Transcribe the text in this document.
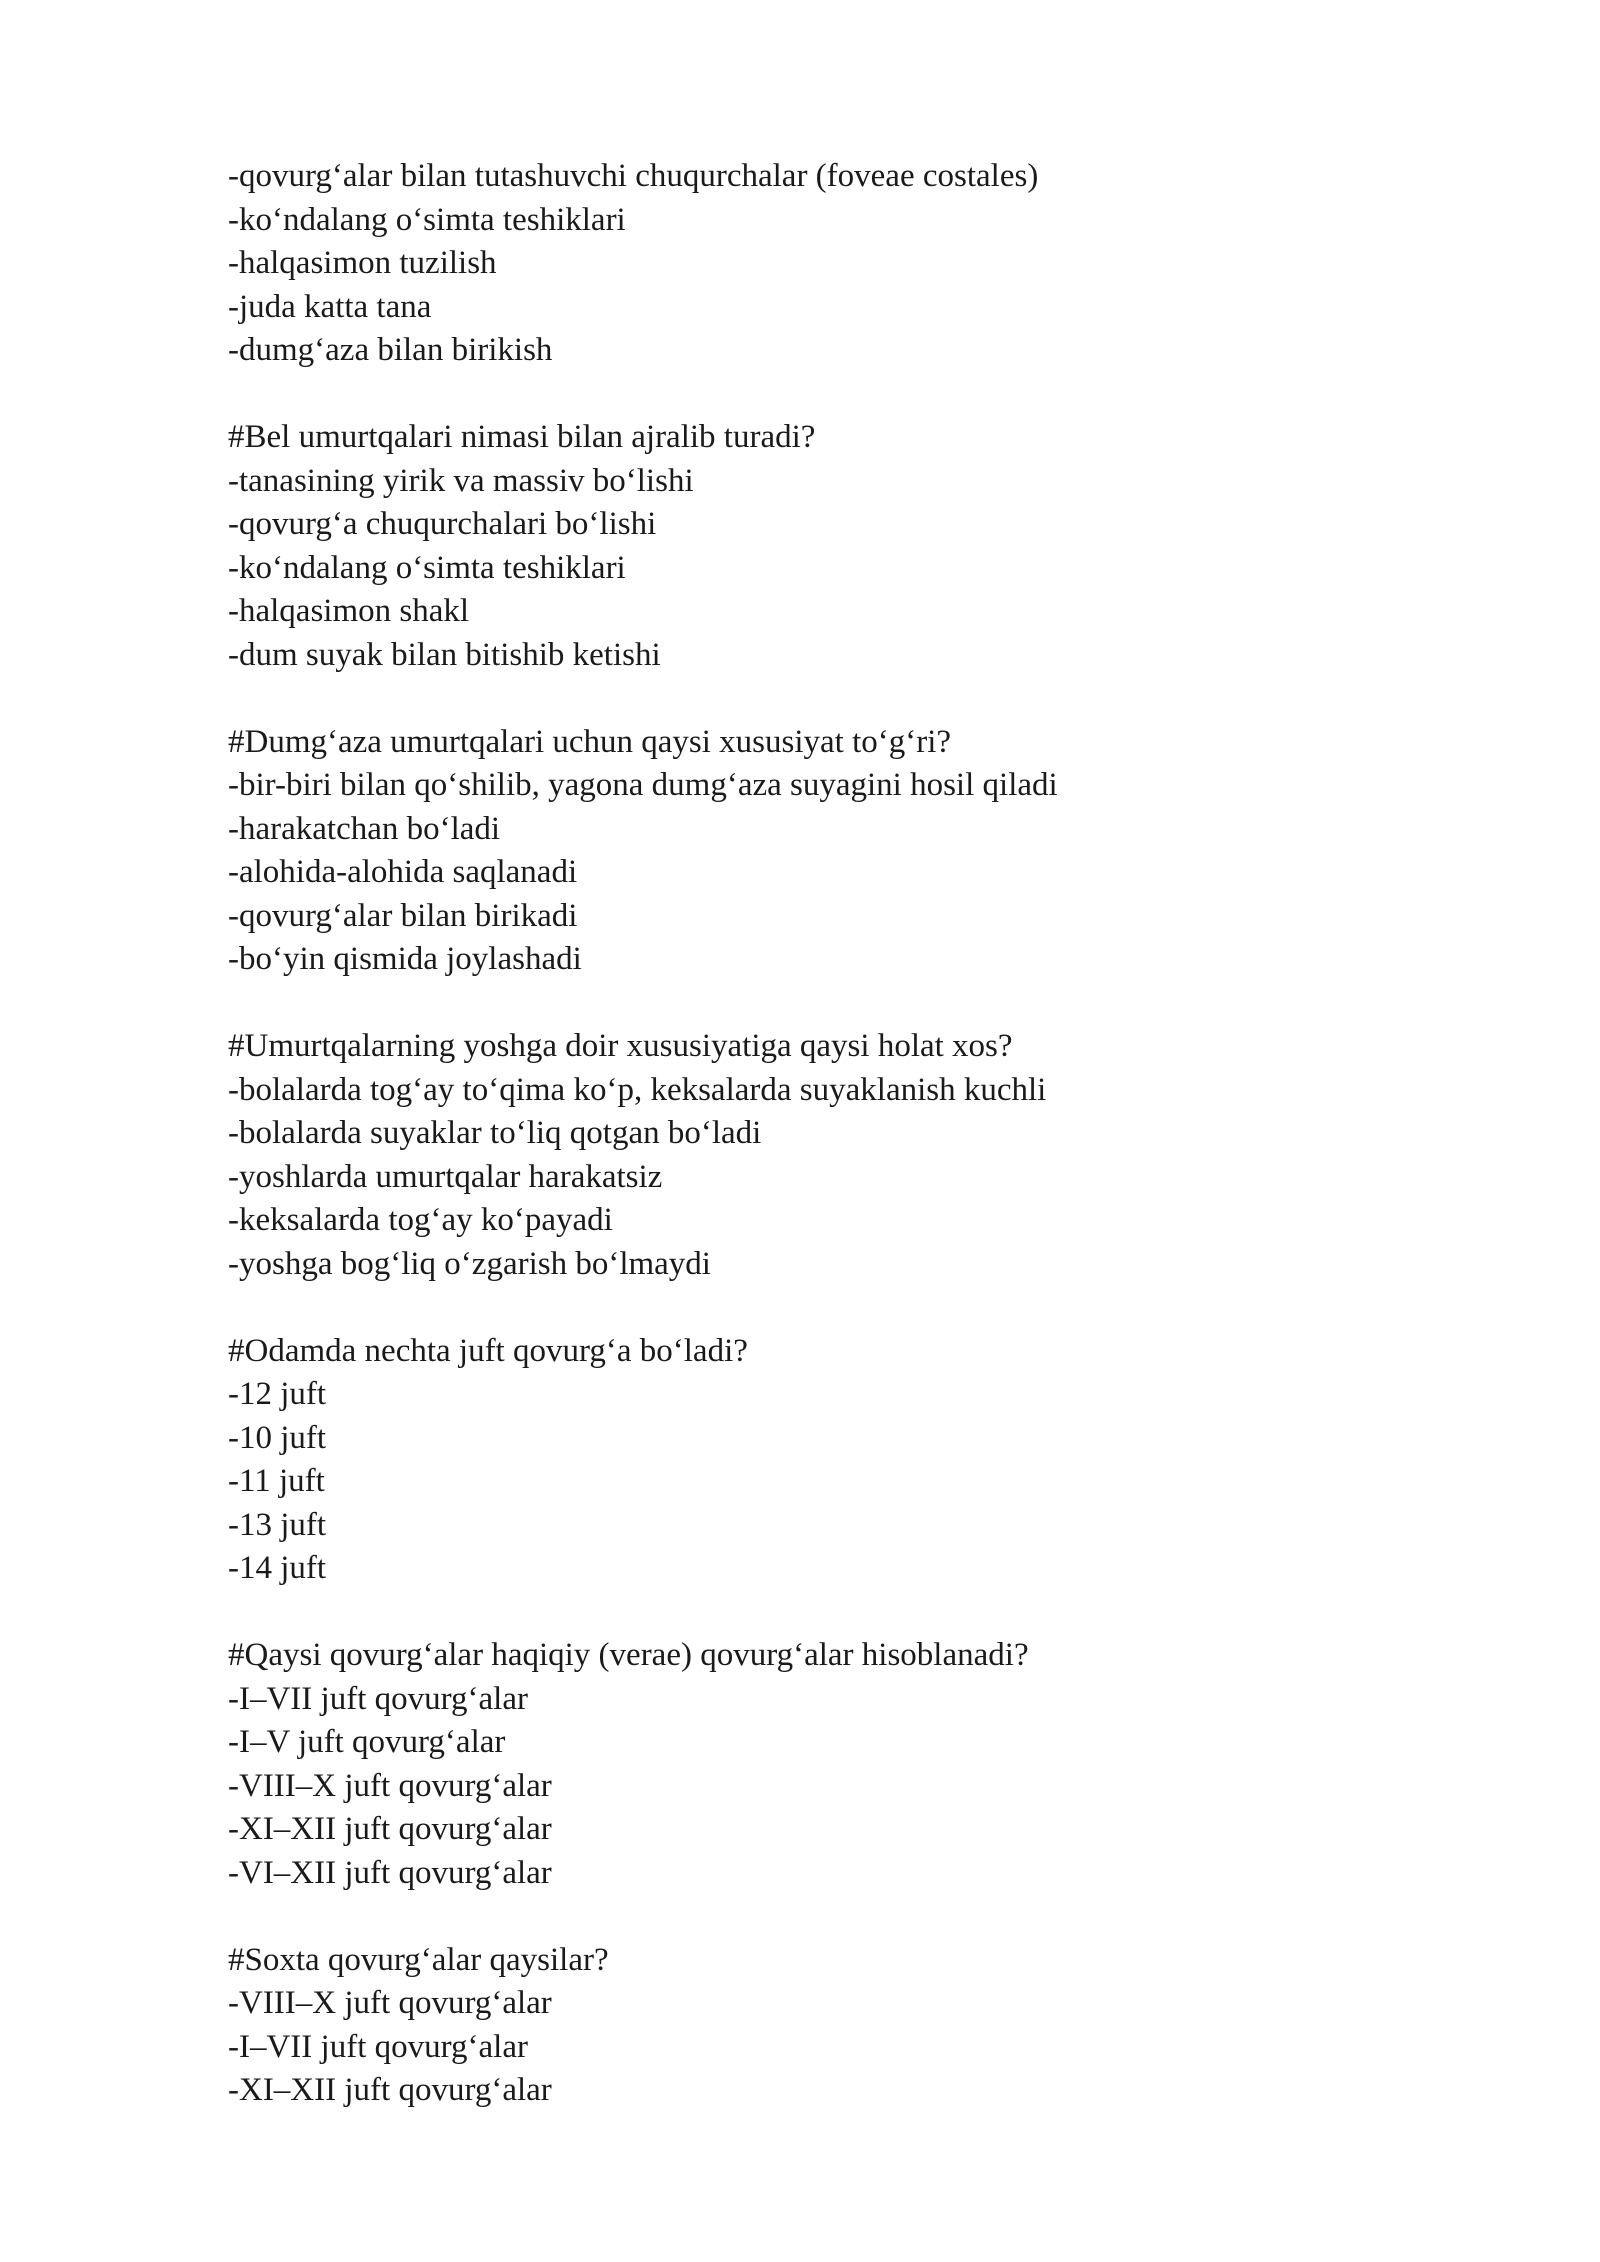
-qovurg‘alar bilan tutashuvchi chuqurchalar (foveae costales)
-ko‘ndalang o‘simta teshiklari
-halqasimon tuzilish
-juda katta tana
-dumg‘aza bilan birikish
#Bel umurtqalari nimasi bilan ajralib turadi?
-tanasining yirik va massiv bo‘lishi
-qovurg‘a chuqurchalari bo‘lishi
-ko‘ndalang o‘simta teshiklari
-halqasimon shakl
-dum suyak bilan bitishib ketishi
#Dumg‘aza umurtqalari uchun qaysi xususiyat to‘g‘ri?
-bir-biri bilan qo‘shilib, yagona dumg‘aza suyagini hosil qiladi
-harakatchan bo‘ladi
-alohida-alohida saqlanadi
-qovurg‘alar bilan birikadi
-bo‘yin qismida joylashadi
#Umurtqalarning yoshga doir xususiyatiga qaysi holat xos?
-bolalarda tog‘ay to‘qima ko‘p, keksalarda suyaklanish kuchli
-bolalarda suyaklar to‘liq qotgan bo‘ladi
-yoshlarda umurtqalar harakatsiz
-keksalarda tog‘ay ko‘payadi
-yoshga bog‘liq o‘zgarish bo‘lmaydi
#Odamda nechta juft qovurg‘a bo‘ladi?
-12 juft
-10 juft
-11 juft
-13 juft
-14 juft
#Qaysi qovurg‘alar haqiqiy (verae) qovurg‘alar hisoblanadi?
-I–VII juft qovurg‘alar
-I–V juft qovurg‘alar
-VIII–X juft qovurg‘alar
-XI–XII juft qovurg‘alar
-VI–XII juft qovurg‘alar
#Soxta qovurg‘alar qaysilar?
-VIII–X juft qovurg‘alar
-I–VII juft qovurg‘alar
-XI–XII juft qovurg‘alar
